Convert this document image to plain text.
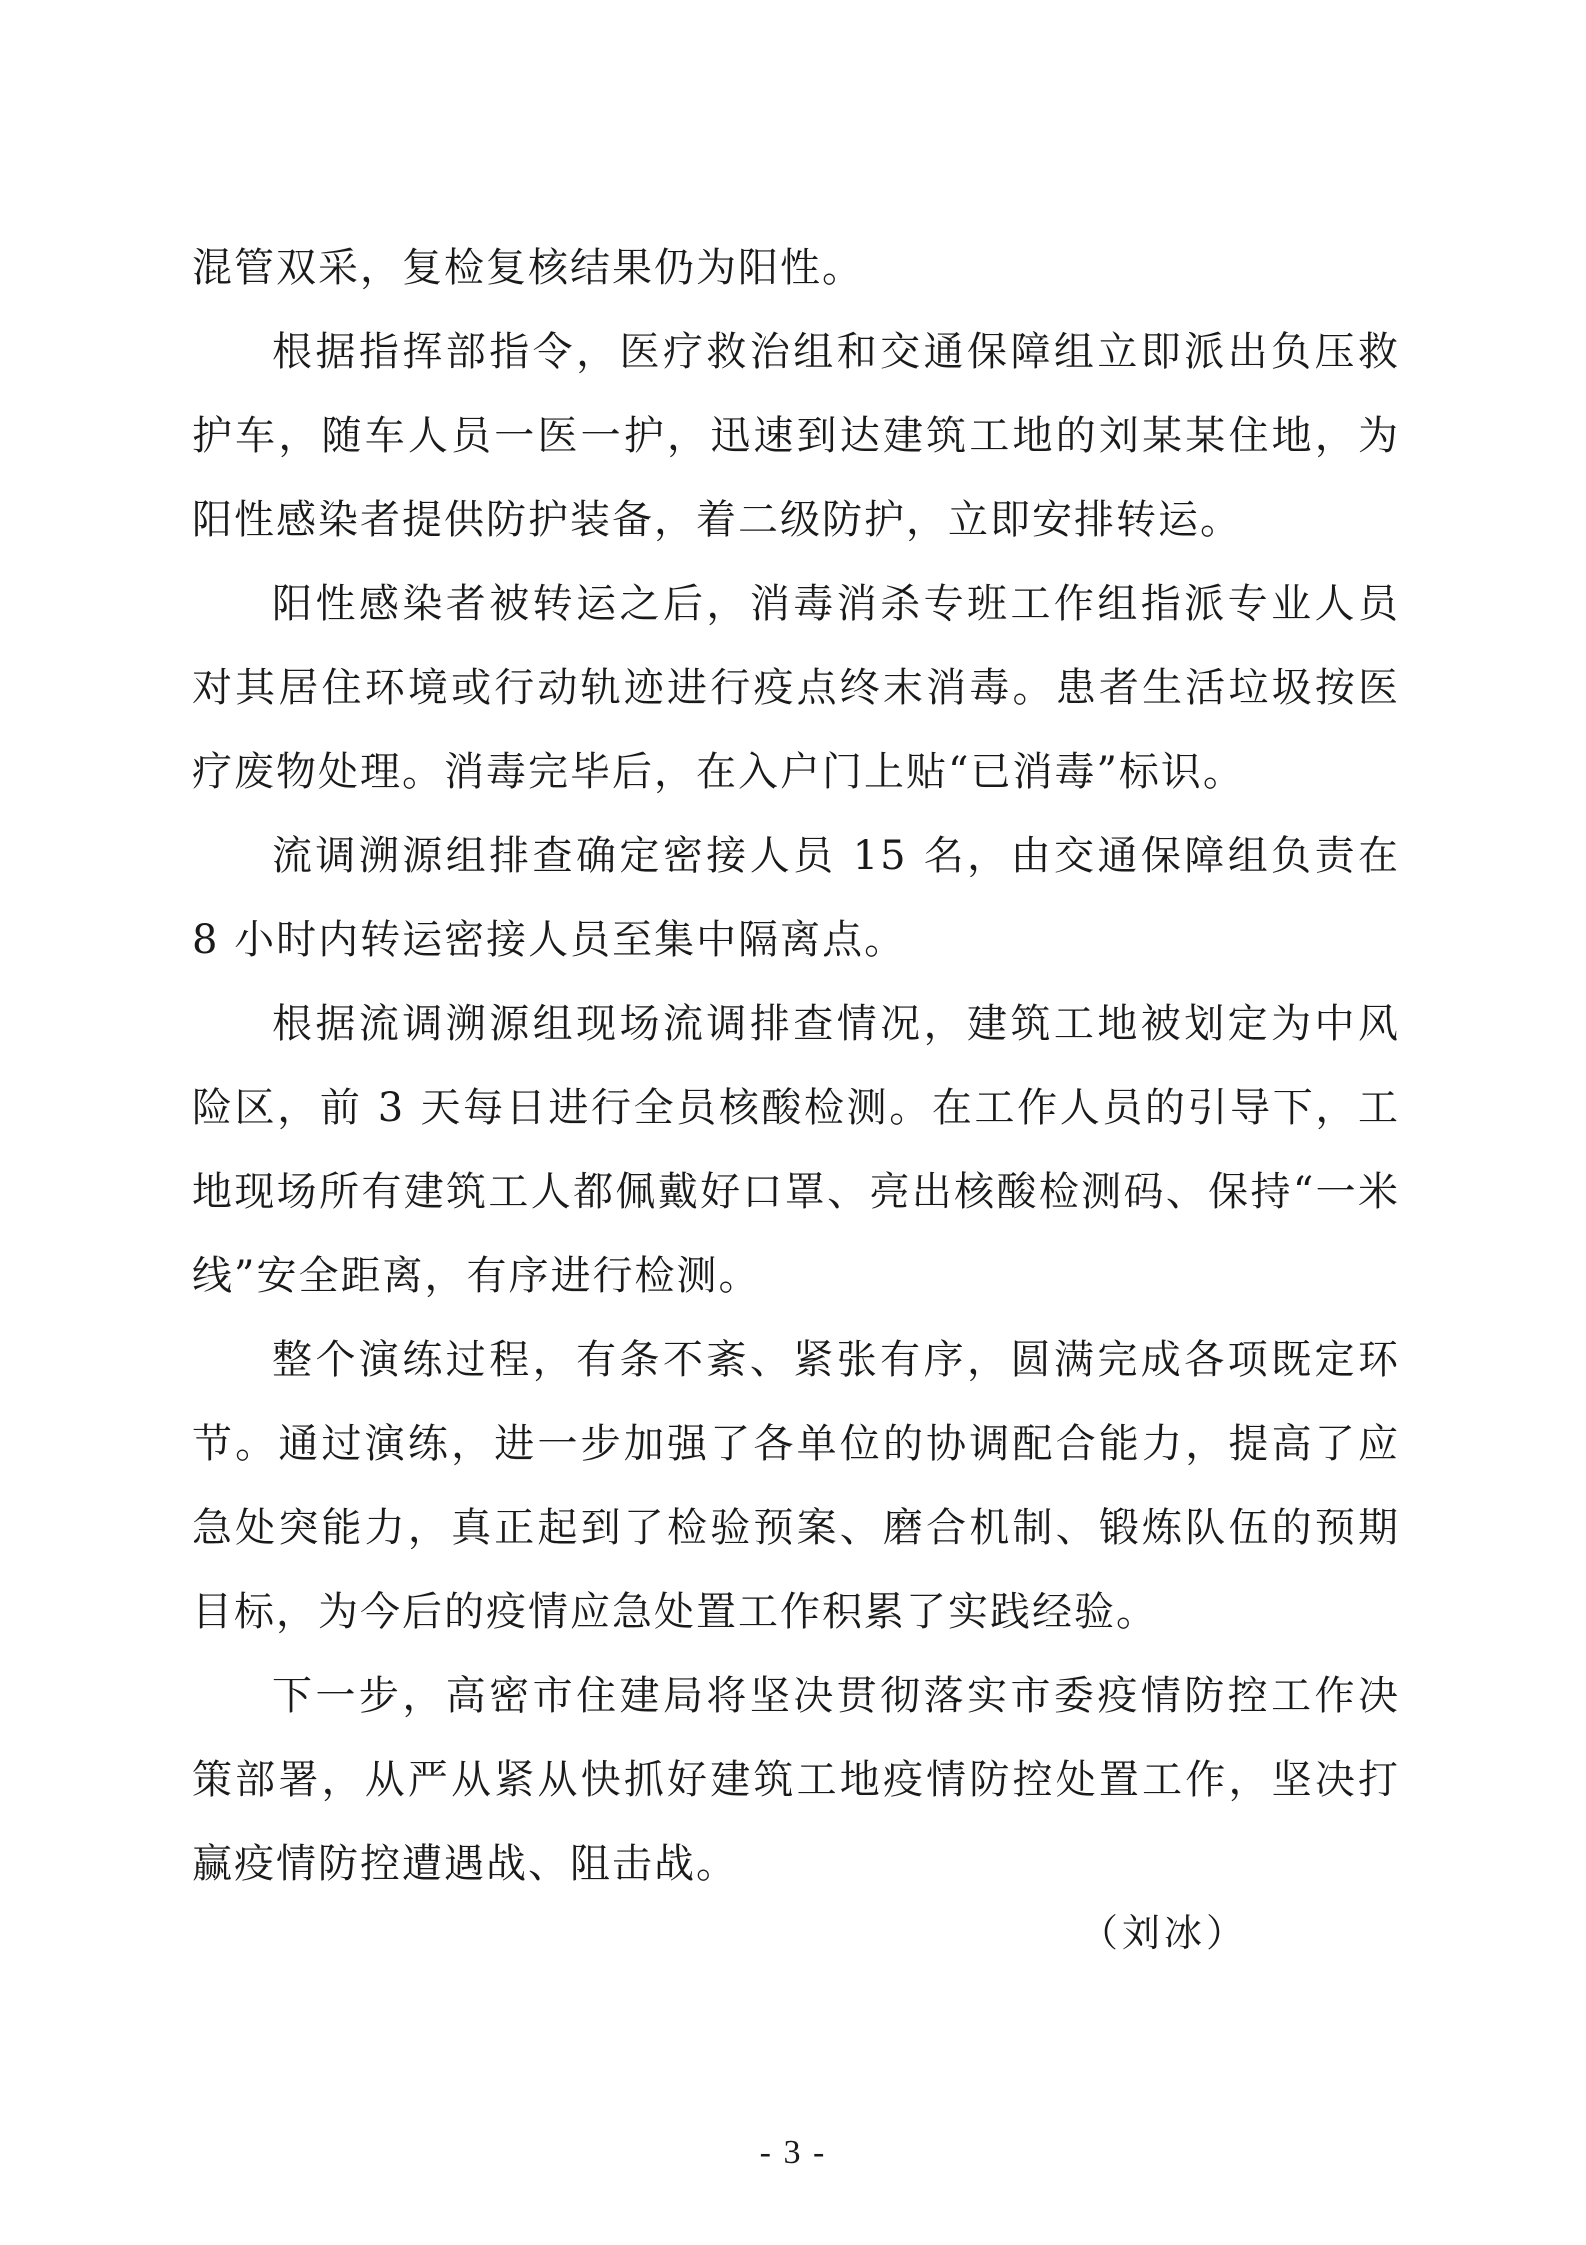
混管双采，复检复核结果仍为阳性。

根据指挥部指令，医疗救治组和交通保障组立即派出负压救护车，随车人员一医一护，迅速到达建筑工地的刘某某住地，为阳性感染者提供防护装备，着二级防护，立即安排转运。

阳性感染者被转运之后，消毒消杀专班工作组指派专业人员对其居住环境或行动轨迹进行疫点终末消毒。患者生活垃圾按医疗废物处理。消毒完毕后，在入户门上贴“已消毒”标识。

流调溯源组排查确定密接人员 15 名，由交通保障组负责在 8 小时内转运密接人员至集中隔离点。

根据流调溯源组现场流调排查情况，建筑工地被划定为中风险区，前 3 天每日进行全员核酸检测。在工作人员的引导下，工地现场所有建筑工人都佩戴好口罩、亮出核酸检测码、保持“一米线”安全距离，有序进行检测。

整个演练过程，有条不紊、紧张有序，圆满完成各项既定环节。通过演练，进一步加强了各单位的协调配合能力，提高了应急处突能力，真正起到了检验预案、磨合机制、锻炼队伍的预期目标，为今后的疫情应急处置工作积累了实践经验。

下一步，高密市住建局将坚决贯彻落实市委疫情防控工作决策部署，从严从紧从快抓好建筑工地疫情防控处置工作，坚决打赢疫情防控遭遇战、阻击战。

（刘冰）
- 3 -
